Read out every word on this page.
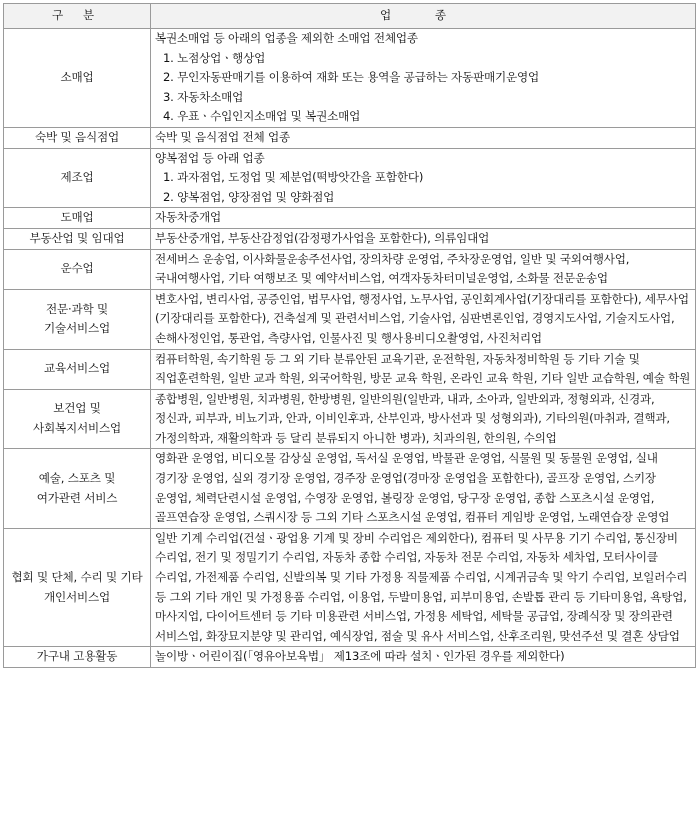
구 분	업 종
소매업	복권소매업 등 아래의 업종을 제외한 소매업 전체업종
1. 노점상업ㆍ행상업
2. 무인자동판매기를 이용하여 재화 또는 용역을 공급하는 자동판매기운영업
3. 자동차소매업
4. 우표ㆍ수입인지소매업 및 복권소매업

숙박 및 음식점업	숙박 및 음식점업 전체 업종
제조업	양복점업 등 아래 업종
1. 과자점업, 도정업 및 제분업(떡방앗간을 포함한다)
2. 양복점업, 양장점업 및 양화점업

도매업	자동차중개업
부동산업 및 임대업	부동산중개업, 부동산감정업(감정평가사업을 포함한다), 의류임대업
운수업	전세버스 운송업, 이사화물운송주선사업, 장의차량 운영업, 주차장운영업, 일반 및 국외여행사업, 국내여행사업, 기타 여행보조 및 예약서비스업, 여객자동차터미널운영업, 소화물 전문운송업

전문·과학 및
기술서비스업	변호사업, 변리사업, 공증인업, 법무사업, 행정사업, 노무사업, 공인회계사업(기장대리를 포함한다), 세무사업(기장대리를 포함한다), 건축설계 및 관련서비스업, 기술사업, 심판변론인업, 경영지도사업, 기술지도사업, 손해사정인업, 통관업, 측량사업, 인물사진 및 행사용비디오촬영업, 사진처리업
교육서비스업	컴퓨터학원, 속기학원 등 그 외 기타 분류안된 교육기관, 운전학원, 자동차정비학원 등 기타 기술 및 직업훈련학원, 일반 교과 학원, 외국어학원, 방문 교육 학원, 온라인 교육 학원, 기타 일반 교습학원, 예술 학원

보건업 및
사회복지서비스업	종합병원, 일반병원, 치과병원, 한방병원, 일반의원(일반과, 내과, 소아과, 일반외과, 정형외과, 신경과, 정신과, 피부과, 비뇨기과, 안과, 이비인후과, 산부인과, 방사선과 및 성형외과), 기타의원(마취과, 결핵과, 가정의학과, 재활의학과 등 달리 분류되지 아니한 병과), 치과의원, 한의원, 수의업

예술, 스포츠 및
여가관련 서비스	영화관 운영업, 비디오물 감상실 운영업, 독서실 운영업, 박물관 운영업, 식물원 및 동물원 운영업, 실내 경기장 운영업, 실외 경기장 운영업, 경주장 운영업(경마장 운영업을 포함한다), 골프장 운영업, 스키장 운영업, 체력단련시설 운영업, 수영장 운영업, 볼링장 운영업, 당구장 운영업, 종합 스포츠시설 운영업, 골프연습장 운영업, 스쿼시장 등 그외 기타 스포츠시설 운영업, 컴퓨터 게임방 운영업, 노래연습장 운영업
협회 및 단체, 수리 및 기타 개인서비스업	일반 기계 수리업(건설ㆍ광업용 기계 및 장비 수리업은 제외한다), 컴퓨터 및 사무용 기기 수리업, 통신장비 수리업, 전기 및 정밀기기 수리업, 자동차 종합 수리업, 자동차 전문 수리업, 자동차 세차업, 모터사이클 수리업, 가전제품 수리업, 신발의복 및 기타 가정용 직물제품 수리업, 시계귀금속 및 악기 수리업, 보일러수리 등 그외 기타 개인 및 가정용품 수리업, 이용업, 두발미용업, 피부미용업, 손발톱 관리 등 기타미용업, 욕탕업, 마사지업, 다이어트센터 등 기타 미용관련 서비스업, 가정용 세탁업, 세탁물 공급업, 장례식장 및 장의관련 서비스업, 화장묘지분양 및 관리업, 예식장업, 점술 및 유사 서비스업, 산후조리원, 맞선주선 및 결혼 상담업
가구내 고용활동	놀이방ㆍ어린이집(「영유아보육법」 제13조에 따라 설치ㆍ인가된 경우를 제외한다)
